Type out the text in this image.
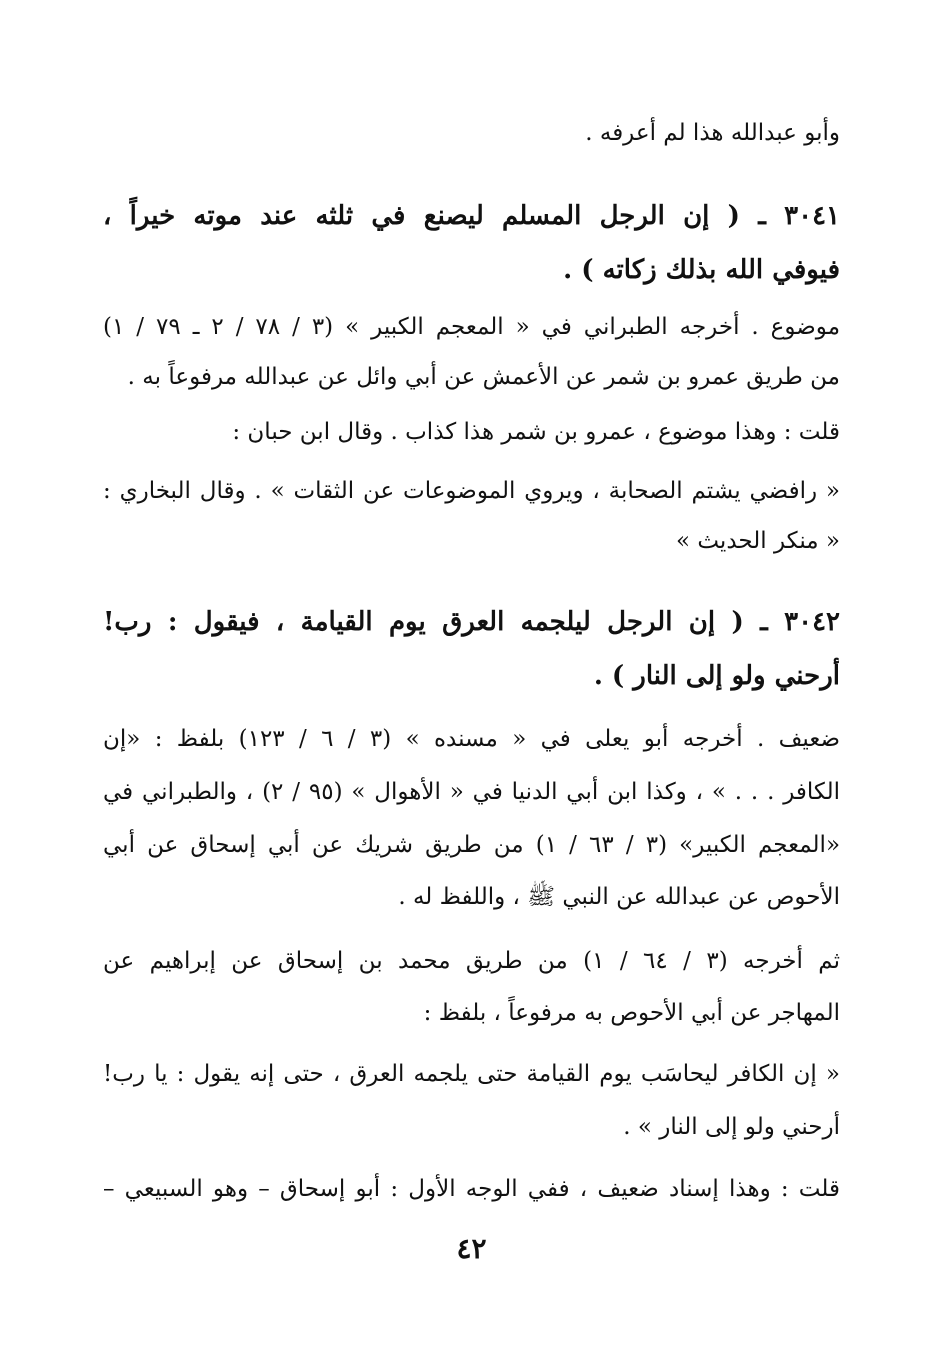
وأبو عبدالله هذا لم أعرفه .
٣٠٤١ ـ ( إن الرجل المسلم ليصنع في ثلثه عند موته خيراً ،
فيوفي الله بذلك زكاته ) .
موضوع . أخرجه الطبراني في « المعجم الكبير » (٣ / ٧٨ / ٢ ـ ٧٩ / ١)
من طريق عمرو بن شمر عن الأعمش عن أبي وائل عن عبدالله مرفوعاً به .
قلت : وهذا موضوع ، عمرو بن شمر هذا كذاب . وقال ابن حبان :
« رافضي يشتم الصحابة ، ويروي الموضوعات عن الثقات » . وقال البخاري :
« منكر الحديث »
٣٠٤٢ ـ ( إن الرجل ليلجمه العرق يوم القيامة ، فيقول : رب!
أرحني ولو إلى النار ) .
ضعيف . أخرجه أبو يعلى في « مسنده » (٣ / ٦ / ١٢٣) بلفظ : «إن
الكافر . . . » ، وكذا ابن أبي الدنيا في « الأهوال » (٩٥ / ٢) ، والطبراني في
«المعجم الكبير» (٣ / ٦٣ / ١) من طريق شريك عن أبي إسحاق عن أبي
الأحوص عن عبدالله عن النبي ﷺ ، واللفظ له .
ثم أخرجه (٣ / ٦٤ / ١) من طريق محمد بن إسحاق عن إبراهيم عن
المهاجر عن أبي الأحوص به مرفوعاً ، بلفظ :
« إن الكافر ليحاسَب يوم القيامة حتى يلجمه العرق ، حتى إنه يقول : يا رب!
أرحني ولو إلى النار » .
قلت : وهذا إسناد ضعيف ، ففي الوجه الأول : أبو إسحاق – وهو السبيعي –
٤٢
